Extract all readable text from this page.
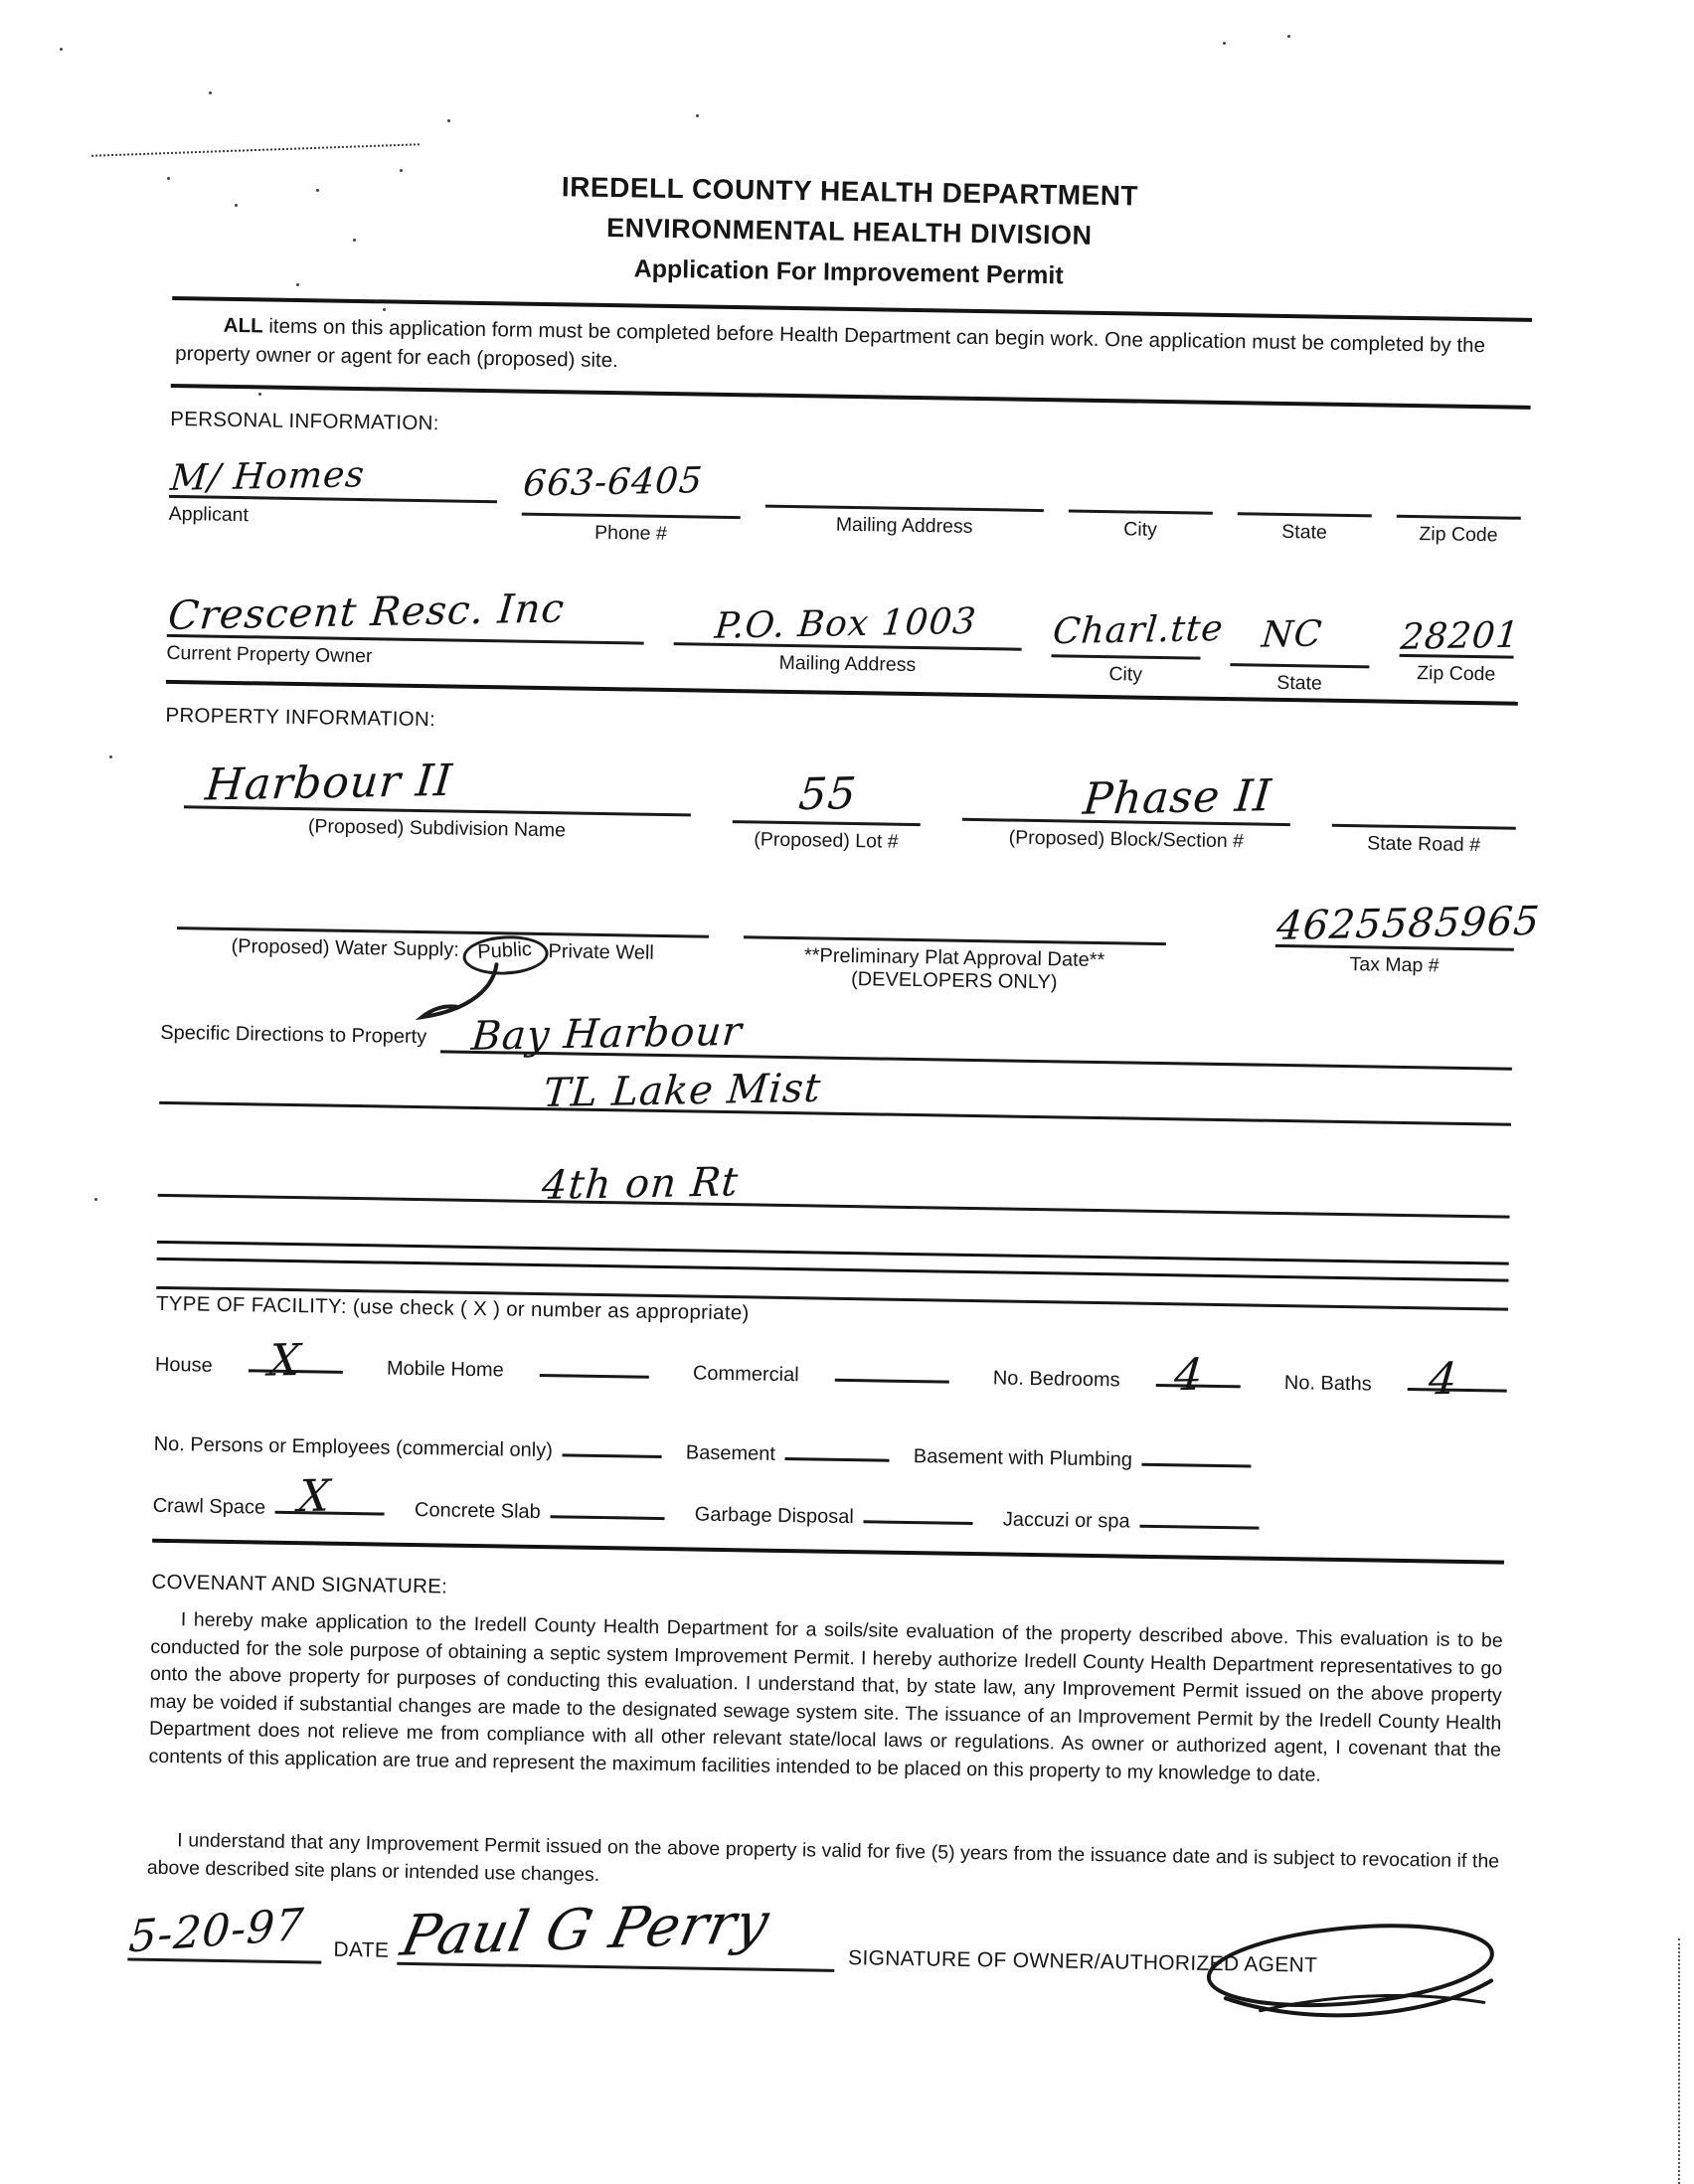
IREDELL COUNTY HEALTH DEPARTMENT
ENVIRONMENTAL HEALTH DIVISION
Application For Improvement Permit
ALL items on this application form must be completed before Health Department can begin work. One application must be completed by the property owner or agent for each (proposed) site.
PERSONAL INFORMATION:
M/ Homes
Applicant
663-6405
Phone #	Mailing Address	City	State	Zip Code
Crescent Resc. Inc
Current Property Owner
P.O. Box 1003
Mailing Address
Charl.tte
City
NC
State
28201
Zip Code
PROPERTY INFORMATION:
Harbour II
(Proposed) Subdivision Name
55
(Proposed) Lot #
Phase II
(Proposed) Block/Section #	State Road #
(Proposed) Water Supply: Public Private Well	**Preliminary Plat Approval Date**
(DEVELOPERS ONLY)
4625585965
Tax Map #
Specific Directions to Property Bay Harbour
TL Lake Mist
4th on Rt
TYPE OF FACILITY: (use check ( X ) or number as appropriate)
House X	Mobile Home	Commercial	No. Bedrooms 4	No. Baths 4
No. Persons or Employees (commercial only)	Basement	Basement with Plumbing
Crawl Space X	Concrete Slab	Garbage Disposal	Jaccuzi or spa
COVENANT AND SIGNATURE:
I hereby make application to the Iredell County Health Department for a soils/site evaluation of the property described above. This evaluation is to be conducted for the sole purpose of obtaining a septic system Improvement Permit. I hereby authorize Iredell County Health Department representatives to go onto the above property for purposes of conducting this evaluation. I understand that, by state law, any Improvement Permit issued on the above property may be voided if substantial changes are made to the designated sewage system site. The issuance of an Improvement Permit by the Iredell County Health Department does not relieve me from compliance with all other relevant state/local laws or regulations. As owner or authorized agent, I covenant that the contents of this application are true and represent the maximum facilities intended to be placed on this property to my knowledge to date.
I understand that any Improvement Permit issued on the above property is valid for five (5) years from the issuance date and is subject to revocation if the above described site plans or intended use changes.
5-20-97 DATE Paul G Perry	SIGNATURE OF OWNER/AUTHORIZED AGENT
